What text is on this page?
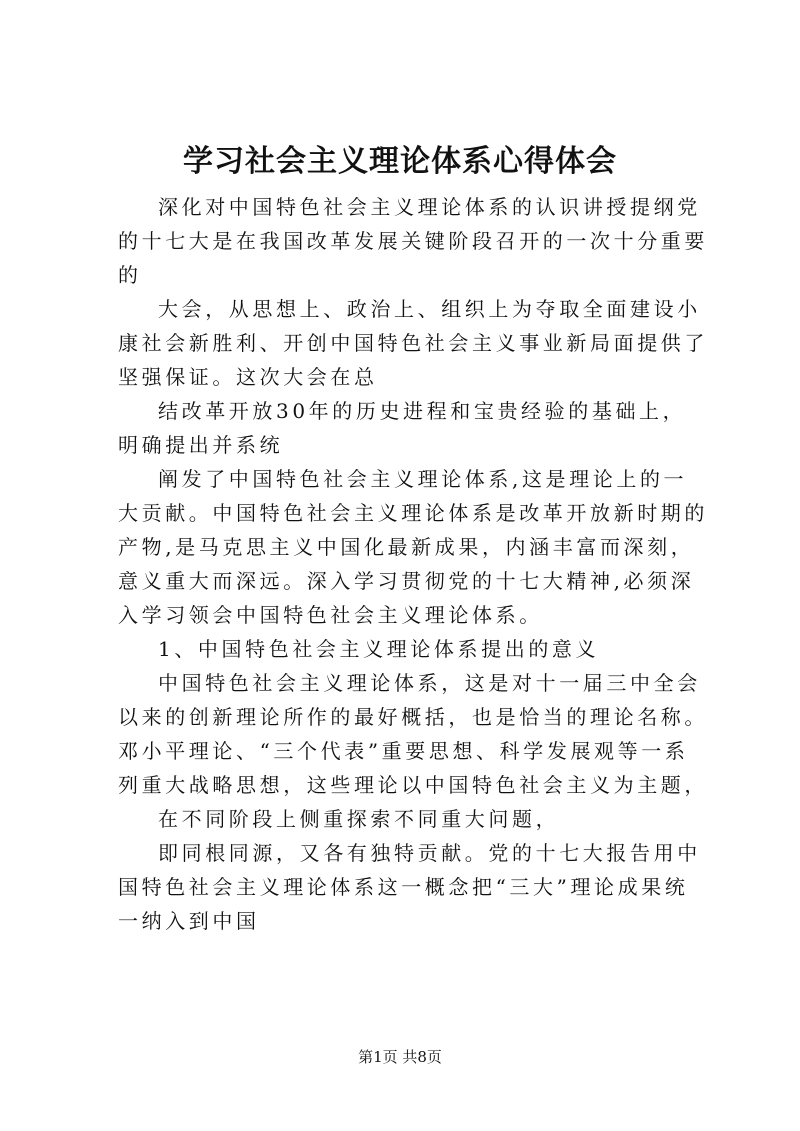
学习社会主义理论体系心得体会

深化对中国特色社会主义理论体系的认识讲授提纲党的十七大是在我国改革发展关键阶段召开的一次十分重要的

大会，从思想上、政治上、组织上为夺取全面建设小康社会新胜利、开创中国特色社会主义事业新局面提供了坚强保证。这次大会在总

结改革开放30年的历史进程和宝贵经验的基础上，明确提出并系统

阐发了中国特色社会主义理论体系,这是理论上的一大贡献。中国特色社会主义理论体系是改革开放新时期的产物,是马克思主义中国化最新成果，内涵丰富而深刻，意义重大而深远。深入学习贯彻党的十七大精神,必须深入学习领会中国特色社会主义理论体系。

1、中国特色社会主义理论体系提出的意义

中国特色社会主义理论体系，这是对十一届三中全会以来的创新理论所作的最好概括，也是恰当的理论名称。邓小平理论、“三个代表”重要思想、科学发展观等一系列重大战略思想，这些理论以中国特色社会主义为主题，

在不同阶段上侧重探索不同重大问题，

即同根同源，又各有独特贡献。党的十七大报告用中国特色社会主义理论体系这一概念把“三大”理论成果统一纳入到中国

第1页 共8页
